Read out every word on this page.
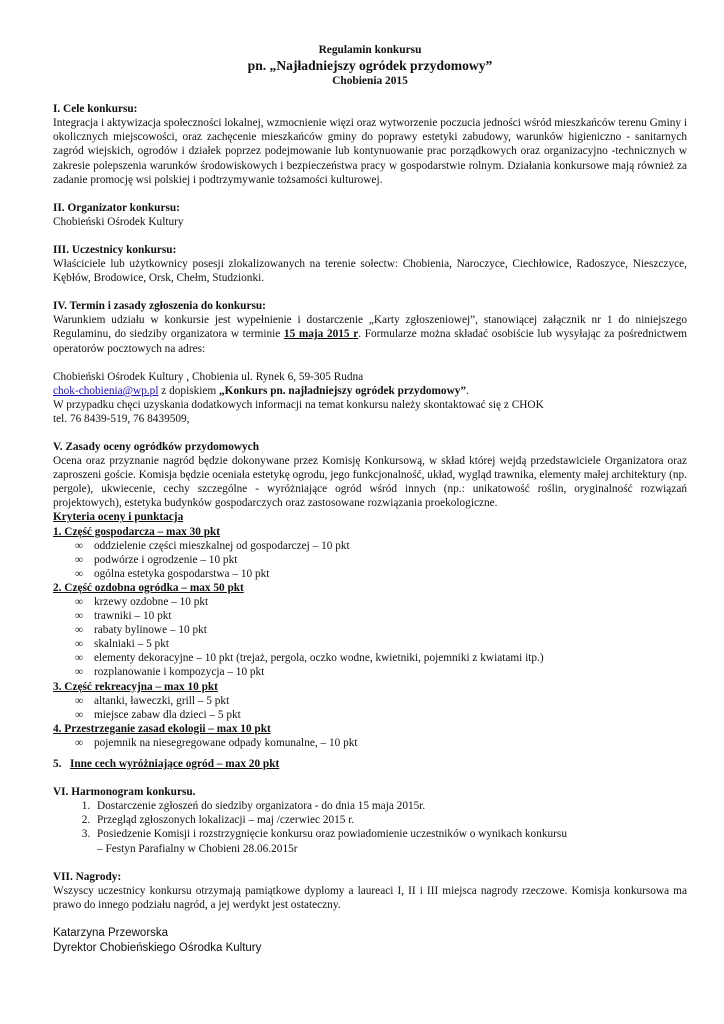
Regulamin konkursu

pn. „Najładniejszy ogródek przydomowy”

Chobienia 2015

I. Cele konkursu:

Integracja i aktywizacja społeczności lokalnej, wzmocnienie więzi oraz wytworzenie poczucia jedności wśród mieszkańców terenu Gminy i okolicznych miejscowości, oraz zachęcenie mieszkańców gminy do poprawy estetyki zabudowy, warunków higieniczno - sanitarnych zagród wiejskich, ogrodów i działek poprzez podejmowanie lub kontynuowanie prac porządkowych oraz organizacyjno -technicznych w zakresie polepszenia warunków środowiskowych i bezpieczeństwa pracy w gospodarstwie rolnym. Działania konkursowe mają również za zadanie promocję wsi polskiej i podtrzymywanie tożsamości kulturowej.

II. Organizator konkursu:

Chobieński Ośrodek Kultury

III. Uczestnicy konkursu:

Właściciele lub użytkownicy posesji zlokalizowanych na terenie sołectw: Chobienia, Naroczyce, Ciechłowice, Radoszyce, Nieszczyce, Kębłów, Brodowice, Orsk, Chełm, Studzionki.

IV. Termin i zasady zgłoszenia do konkursu:

Warunkiem udziału w konkursie jest wypełnienie i dostarczenie „Karty zgłoszeniowej”, stanowiącej załącznik nr 1 do niniejszego Regulaminu, do siedziby organizatora w terminie 15 maja 2015 r. Formularze można składać osobiście lub wysyłając za pośrednictwem operatorów pocztowych na adres:

Chobieński Ośrodek Kultury , Chobienia ul. Rynek 6, 59-305 Rudna

chok-chobienia@wp.pl z dopiskiem „Konkurs pn. najładniejszy ogródek przydomowy”.

W przypadku chęci uzyskania dodatkowych informacji na temat konkursu należy skontaktować się z CHOK

tel. 76 8439-519, 76 8439509,

V. Zasady oceny ogródków przydomowych

Ocena oraz przyznanie nagród będzie dokonywane przez Komisję Konkursową, w skład której wejdą przedstawiciele Organizatora oraz zaproszeni goście. Komisja będzie oceniała estetykę ogrodu, jego funkcjonalność, układ, wygląd trawnika, elementy małej architektury (np. pergole), ukwiecenie, cechy szczególne - wyróżniające ogród wśród innych (np.: unikatowość roślin, oryginalność rozwiązań projektowych), estetyka budynków gospodarczych oraz zastosowane rozwiązania proekologiczne.

Kryteria oceny i punktacja

1. Część gospodarcza – max 30 pkt

∞ oddzielenie części mieszkalnej od gospodarczej – 10 pkt
∞ podwórze i ogrodzenie – 10 pkt
∞ ogólna estetyka gospodarstwa – 10 pkt

2. Część ozdobna ogródka – max 50 pkt

∞ krzewy ozdobne – 10 pkt
∞ trawniki – 10 pkt
∞ rabaty bylinowe – 10 pkt
∞ skalniaki – 5 pkt
∞ elementy dekoracyjne – 10 pkt (trejaż, pergola, oczko wodne, kwietniki, pojemniki z kwiatami itp.)
∞ rozplanowanie i kompozycja – 10 pkt

3. Część rekreacyjna – max 10 pkt

∞ altanki, ławeczki, grill – 5 pkt
∞ miejsce zabaw dla dzieci – 5 pkt

4. Przestrzeganie zasad ekologii – max 10 pkt

∞ pojemnik na niesegregowane odpady komunalne, – 10 pkt

5. Inne cech wyróżniające ogród – max 20 pkt

VI. Harmonogram konkursu.

1. Dostarczenie zgłoszeń do siedziby organizatora - do dnia 15 maja 2015r.
2. Przegląd zgłoszonych lokalizacji – maj /czerwiec 2015 r.
3. Posiedzenie Komisji i rozstrzygnięcie konkursu oraz powiadomienie uczestników o wynikach konkursu

– Festyn Parafialny w Chobieni 28.06.2015r

VII. Nagrody:

Wszyscy uczestnicy konkursu otrzymają pamiątkowe dyplomy a laureaci I, II i III miejsca nagrody rzeczowe. Komisja konkursowa ma prawo do innego podziału nagród, a jej werdykt jest ostateczny.

Katarzyna Przeworska

Dyrektor Chobieńskiego Ośrodka Kultury
